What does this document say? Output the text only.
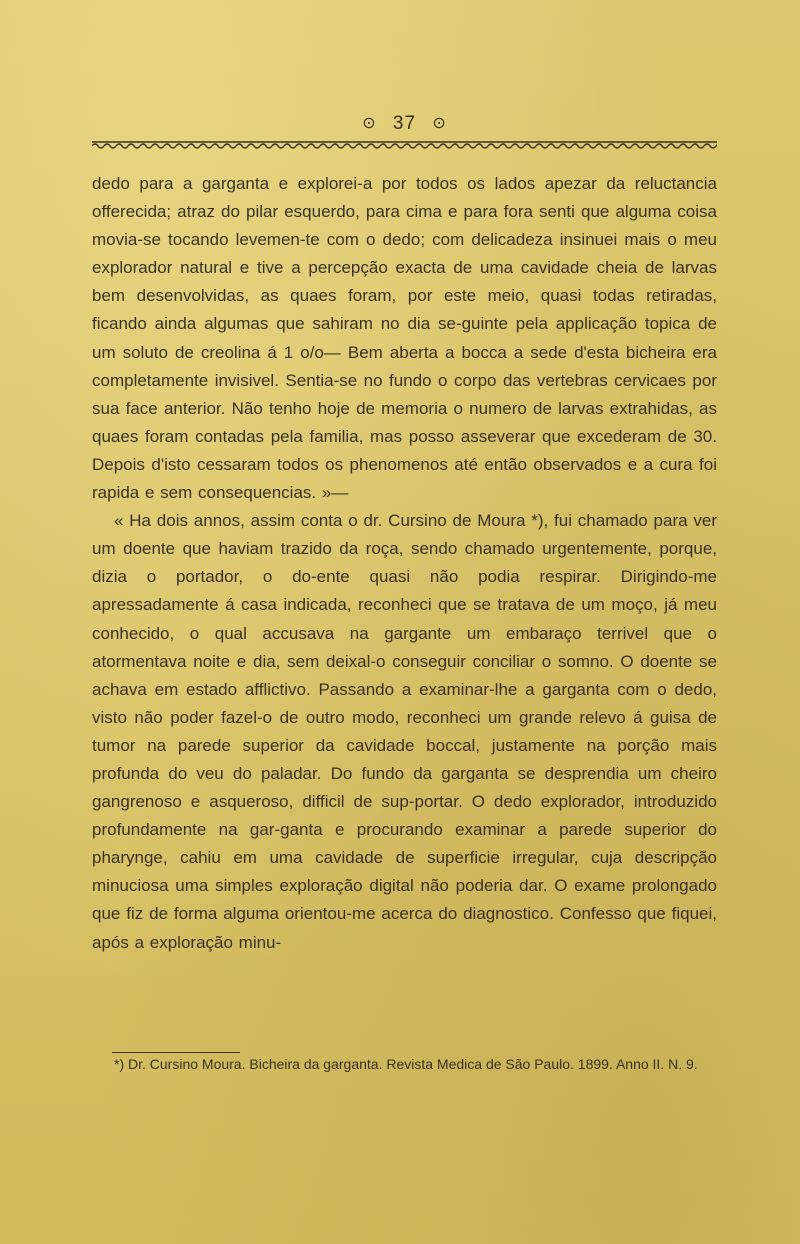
⊙ 37 ⊙

dedo para a garganta e explorei-a por todos os lados apezar da reluctancia offerecida; atraz do pilar esquerdo, para cima e para fora senti que alguma coisa movia-se tocando levemen-te com o dedo; com delicadeza insinuei mais o meu explorador natural e tive a percepção exacta de uma cavidade cheia de larvas bem desenvolvidas, as quaes foram, por este meio, quasi todas retiradas, ficando ainda algumas que sahiram no dia se-guinte pela applicação topica de um soluto de creolina á 1 o/o— Bem aberta a bocca a sede d'esta bicheira era completamente invisivel. Sentia-se no fundo o corpo das vertebras cervicaes por sua face anterior. Não tenho hoje de memoria o numero de larvas extrahidas, as quaes foram contadas pela familia, mas posso asseverar que excederam de 30. Depois d'isto cessaram todos os phenomenos até então observados e a cura foi rapida e sem consequencias. »—

« Ha dois annos, assim conta o dr. Cursino de Moura *), fui chamado para ver um doente que haviam trazido da roça, sendo chamado urgentemente, porque, dizia o portador, o do-ente quasi não podia respirar. Dirigindo-me apressadamente á casa indicada, reconheci que se tratava de um moço, já meu conhecido, o qual accusava na gargante um embaraço terrivel que o atormentava noite e dia, sem deixal-o conseguir conciliar o somno. O doente se achava em estado afflictivo. Passando a examinar-lhe a garganta com o dedo, visto não poder fazel-o de outro modo, reconheci um grande relevo á guisa de tumor na parede superior da cavidade boccal, justamente na porção mais profunda do veu do paladar. Do fundo da garganta se desprendia um cheiro gangrenoso e asqueroso, difficil de sup-portar. O dedo explorador, introduzido profundamente na gar-ganta e procurando examinar a parede superior do pharynge, cahiu em uma cavidade de superficie irregular, cuja descripção minuciosa uma simples exploração digital não poderia dar. O exame prolongado que fiz de forma alguma orientou-me acerca do diagnostico. Confesso que fiquei, após a exploração minu-

*) Dr. Cursino Moura. Bicheira da garganta. Revista Medica de São Paulo. 1899. Anno II. N. 9.
